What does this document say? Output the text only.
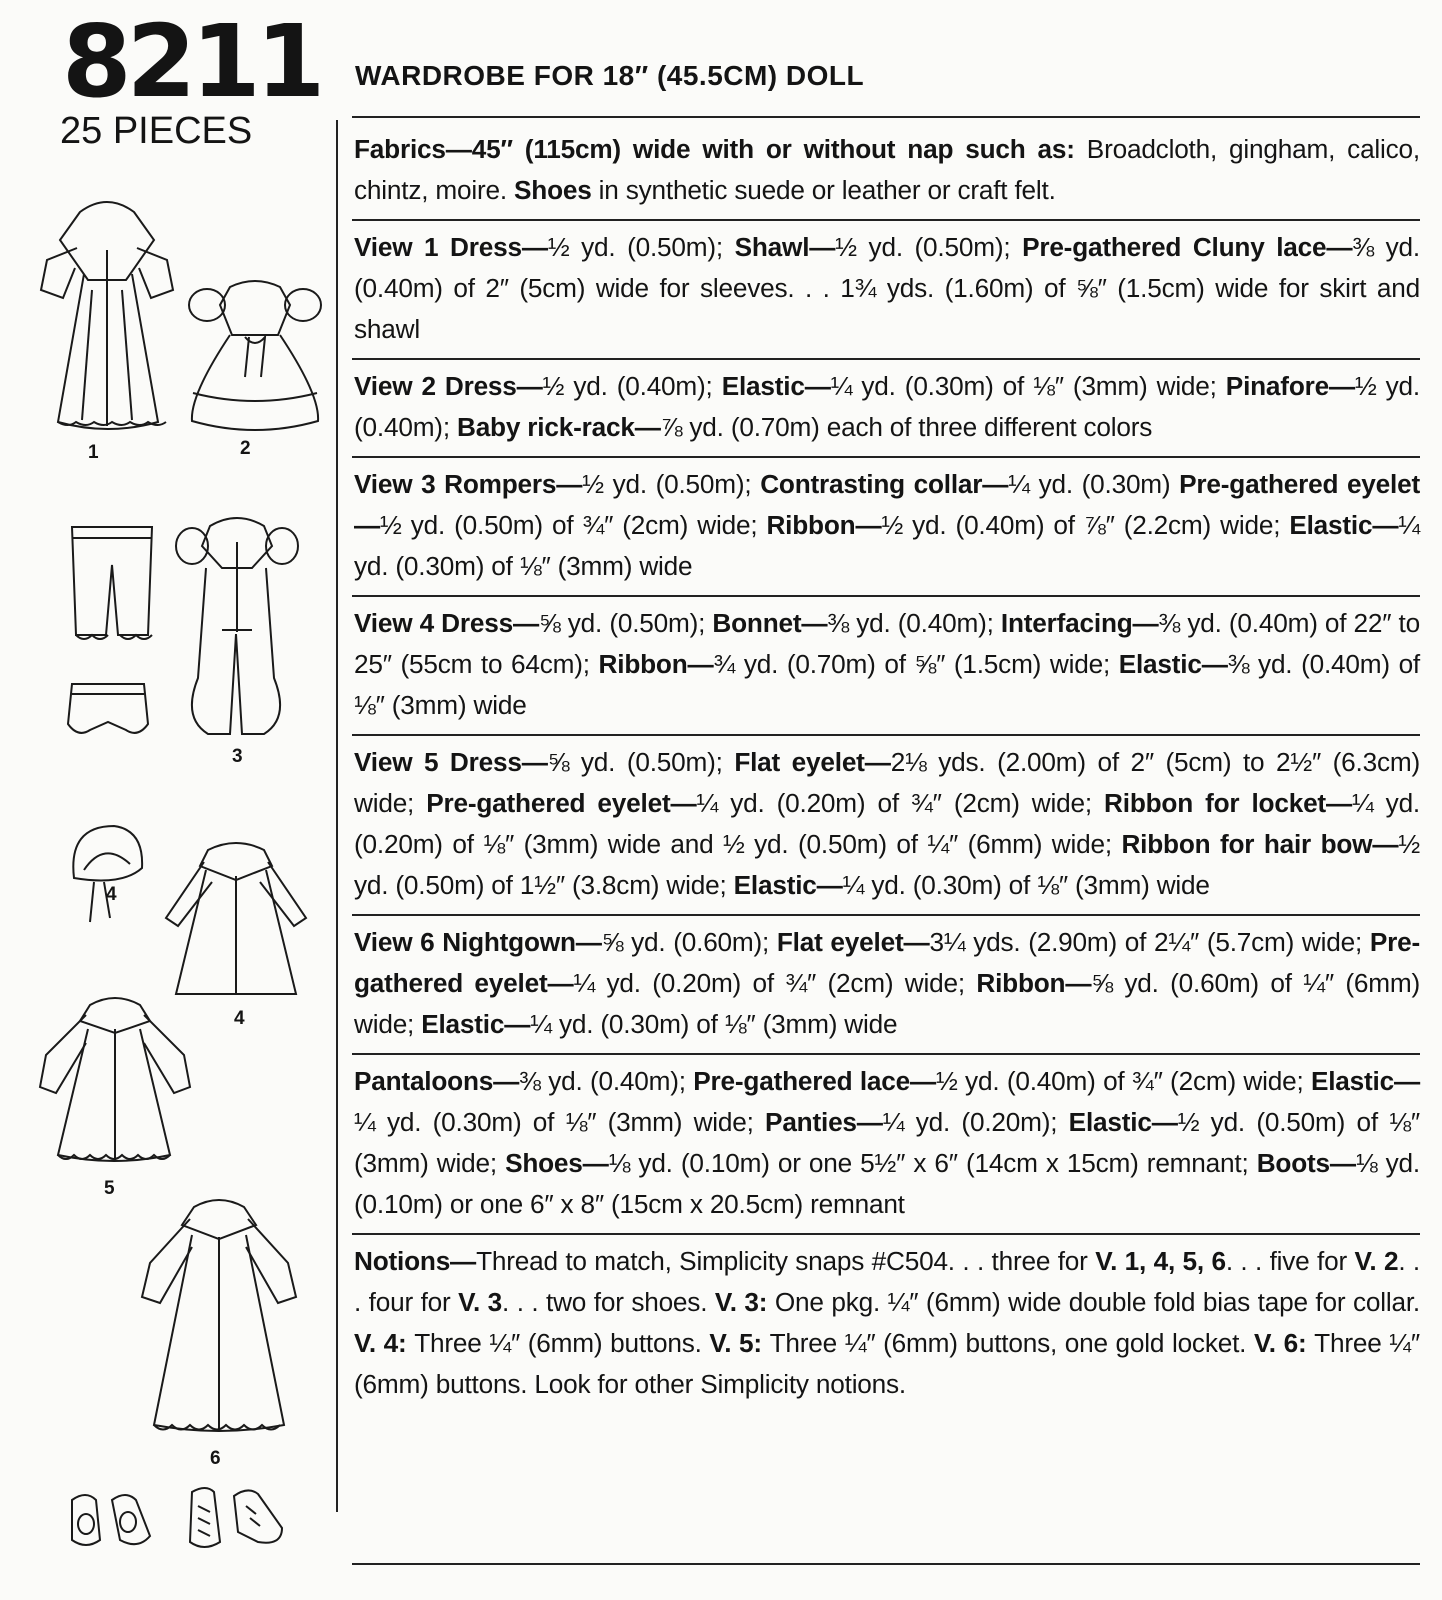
8211
25 PIECES
WARDROBE FOR 18″ (45.5CM) DOLL
1	2
3
4
4
5
6
Fabrics—45″ (115cm) wide with or without nap such as: Broadcloth, gingham, calico, chintz, moire. Shoes in synthetic suede or leather or craft felt.
View 1 Dress—½ yd. (0.50m); Shawl—½ yd. (0.50m); Pre-gathered Cluny lace—⅜ yd. (0.40m) of 2″ (5cm) wide for sleeves. . . 1¾ yds. (1.60m) of ⅝″ (1.5cm) wide for skirt and shawl
View 2 Dress—½ yd. (0.40m); Elastic—¼ yd. (0.30m) of ⅛″ (3mm) wide; Pinafore—½ yd. (0.40m); Baby rick-rack—⅞ yd. (0.70m) each of three different colors
View 3 Rompers—½ yd. (0.50m); Contrasting collar—¼ yd. (0.30m) Pre-gathered eyelet—½ yd. (0.50m) of ¾″ (2cm) wide; Ribbon—½ yd. (0.40m) of ⅞″ (2.2cm) wide; Elastic—¼ yd. (0.30m) of ⅛″ (3mm) wide
View 4 Dress—⅝ yd. (0.50m); Bonnet—⅜ yd. (0.40m); Interfacing—⅜ yd. (0.40m) of 22″ to 25″ (55cm to 64cm); Ribbon—¾ yd. (0.70m) of ⅝″ (1.5cm) wide; Elastic—⅜ yd. (0.40m) of ⅛″ (3mm) wide
View 5 Dress—⅝ yd. (0.50m); Flat eyelet—2⅛ yds. (2.00m) of 2″ (5cm) to 2½″ (6.3cm) wide; Pre-gathered eyelet—¼ yd. (0.20m) of ¾″ (2cm) wide; Ribbon for locket—¼ yd. (0.20m) of ⅛″ (3mm) wide and ½ yd. (0.50m) of ¼″ (6mm) wide; Ribbon for hair bow—½ yd. (0.50m) of 1½″ (3.8cm) wide; Elastic—¼ yd. (0.30m) of ⅛″ (3mm) wide
View 6 Nightgown—⅝ yd. (0.60m); Flat eyelet—3¼ yds. (2.90m) of 2¼″ (5.7cm) wide; Pre-gathered eyelet—¼ yd. (0.20m) of ¾″ (2cm) wide; Ribbon—⅝ yd. (0.60m) of ¼″ (6mm) wide; Elastic—¼ yd. (0.30m) of ⅛″ (3mm) wide
Pantaloons—⅜ yd. (0.40m); Pre-gathered lace—½ yd. (0.40m) of ¾″ (2cm) wide; Elastic—¼ yd. (0.30m) of ⅛″ (3mm) wide; Panties—¼ yd. (0.20m); Elastic—½ yd. (0.50m) of ⅛″ (3mm) wide; Shoes—⅛ yd. (0.10m) or one 5½″ x 6″ (14cm x 15cm) remnant; Boots—⅛ yd. (0.10m) or one 6″ x 8″ (15cm x 20.5cm) remnant
Notions—Thread to match, Simplicity snaps #C504. . . three for V. 1, 4, 5, 6. . . five for V. 2. . . four for V. 3. . . two for shoes. V. 3: One pkg. ¼″ (6mm) wide double fold bias tape for collar. V. 4: Three ¼″ (6mm) buttons. V. 5: Three ¼″ (6mm) buttons, one gold locket. V. 6: Three ¼″ (6mm) buttons. Look for other Simplicity notions.
